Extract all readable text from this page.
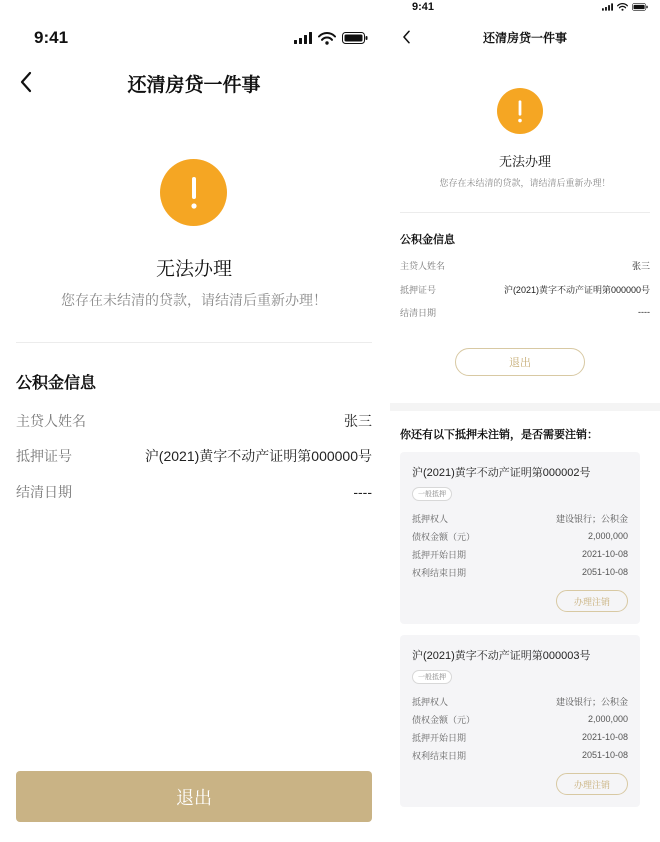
9:41
还清房贷一件事
无法办理
您存在未结清的贷款，请结清后重新办理！
公积金信息
主贷人姓名	张三
抵押证号	沪(2021)黄字不动产证明第000000号
结清日期	----
退出
9:41
还清房贷一件事
无法办理
您存在未结清的贷款，请结清后重新办理！
公积金信息
主贷人姓名	张三
抵押证号	沪(2021)黄字不动产证明第000000号
结清日期	----
退出
你还有以下抵押未注销，是否需要注销：
沪(2021)黄字不动产证明第000002号
一般抵押
抵押权人	建设银行；公积金
债权金额（元）	2,000,000
抵押开始日期	2021-10-08
权利结束日期	2051-10-08
办理注销
沪(2021)黄字不动产证明第000003号
一般抵押
抵押权人	建设银行；公积金
债权金额（元）	2,000,000
抵押开始日期	2021-10-08
权利结束日期	2051-10-08
办理注销
